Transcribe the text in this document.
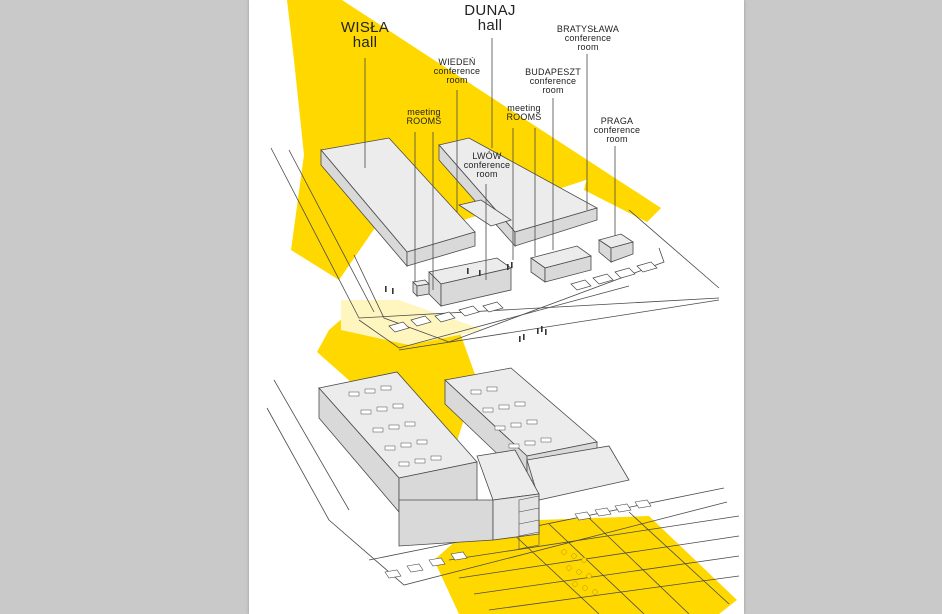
WISŁA
hall
DUNAJ
hall
WIEDEŃ
conference
room
BRATYSŁAWA
conference
room
BUDAPESZT
conference
room
meeting
ROOMS
meeting
ROOMS
LWÓW
conference
room
PRAGA
conference
room
